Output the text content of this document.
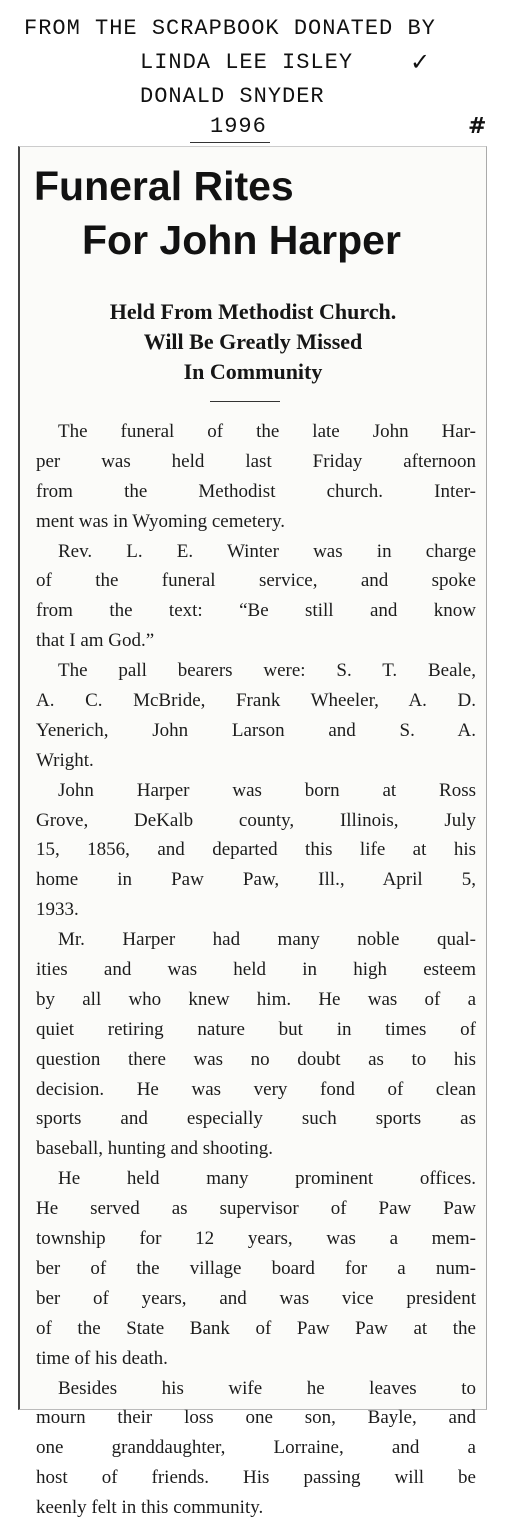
FROM THE SCRAPBOOK DONATED BY
LINDA LEE ISLEY
DONALD SNYDER
1996
✓
#
Funeral Rites
For John Harper
Held From Methodist Church.
Will Be Greatly Missed
In Community
The funeral of the late John Har-
per was held last Friday afternoon
from the Methodist church. Inter-
ment was in Wyoming cemetery.
Rev. L. E. Winter was in charge
of the funeral service, and spoke
from the text: “Be still and know
that I am God.”
The pall bearers were: S. T. Beale,
A. C. McBride, Frank Wheeler, A. D.
Yenerich, John Larson and S. A.
Wright.
John Harper was born at Ross
Grove, DeKalb county, Illinois, July
15, 1856, and departed this life at his
home in Paw Paw, Ill., April 5,
1933.
Mr. Harper had many noble qual-
ities and was held in high esteem
by all who knew him. He was of a
quiet retiring nature but in times of
question there was no doubt as to his
decision. He was very fond of clean
sports and especially such sports as
baseball, hunting and shooting.
He held many prominent offices.
He served as supervisor of Paw Paw
township for 12 years, was a mem-
ber of the village board for a num-
ber of years, and was vice president
of the State Bank of Paw Paw at the
time of his death.
Besides his wife he leaves to
mourn their loss one son, Bayle, and
one granddaughter, Lorraine, and a
host of friends. His passing will be
keenly felt in this community.
